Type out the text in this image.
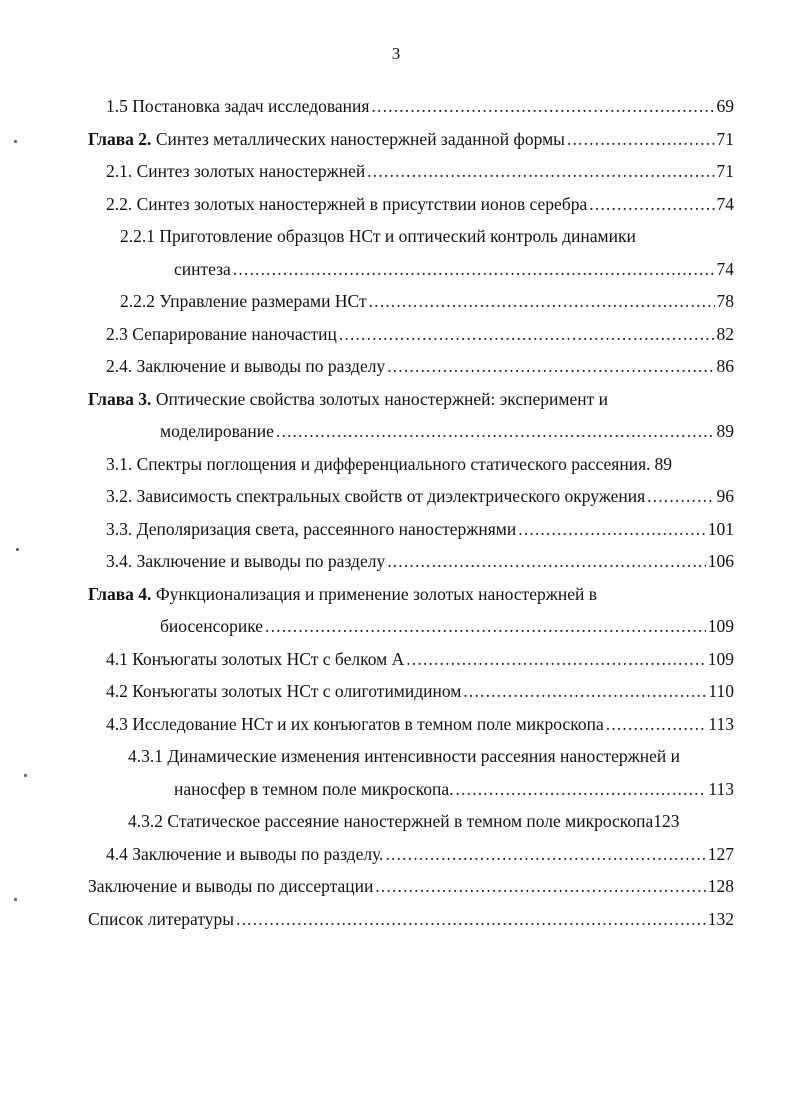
3
1.5 Постановка задач исследования . . .	69
Глава 2. Синтез металлических наностержней заданной формы . . .	71
2.1. Синтез золотых наностержней . . .	71
2.2. Синтез золотых наностержней в присутствии ионов серебра . . .	74
2.2.1 Приготовление образцов НСт и оптический контроль динамики
синтеза . . .	74
2.2.2 Управление размерами НСт . . .	78
2.3 Сепарирование наночастиц . . .	82
2.4. Заключение и выводы по разделу . . .	86
Глава 3. Оптические свойства золотых наностержней: эксперимент и
моделирование . . .	89
3.1. Спектры поглощения и дифференциального статического рассеяния. 89
3.2. Зависимость спектральных свойств от диэлектрического окружения . . .	96
3.3. Деполяризация света, рассеянного наностержнями . . .	101
3.4. Заключение и выводы по разделу . . .	106
Глава 4. Функционализация и применение золотых наностержней в
биосенсорике . . .	109
4.1 Конъюгаты золотых НСт с белком А . . .	109
4.2 Конъюгаты золотых НСт с олиготимидином . . .	110
4.3 Исследование НСт и их конъюгатов в темном поле микроскопа . . .	113
4.3.1 Динамические изменения интенсивности рассеяния наностержней и
наносфер в темном поле микроскопа. . . .	113
4.3.2 Статическое рассеяние наностержней в темном поле микроскопа 123
4.4 Заключение и выводы по разделу. . . .	127
Заключение и выводы по диссертации . . .	128
Список литературы . . .	132
